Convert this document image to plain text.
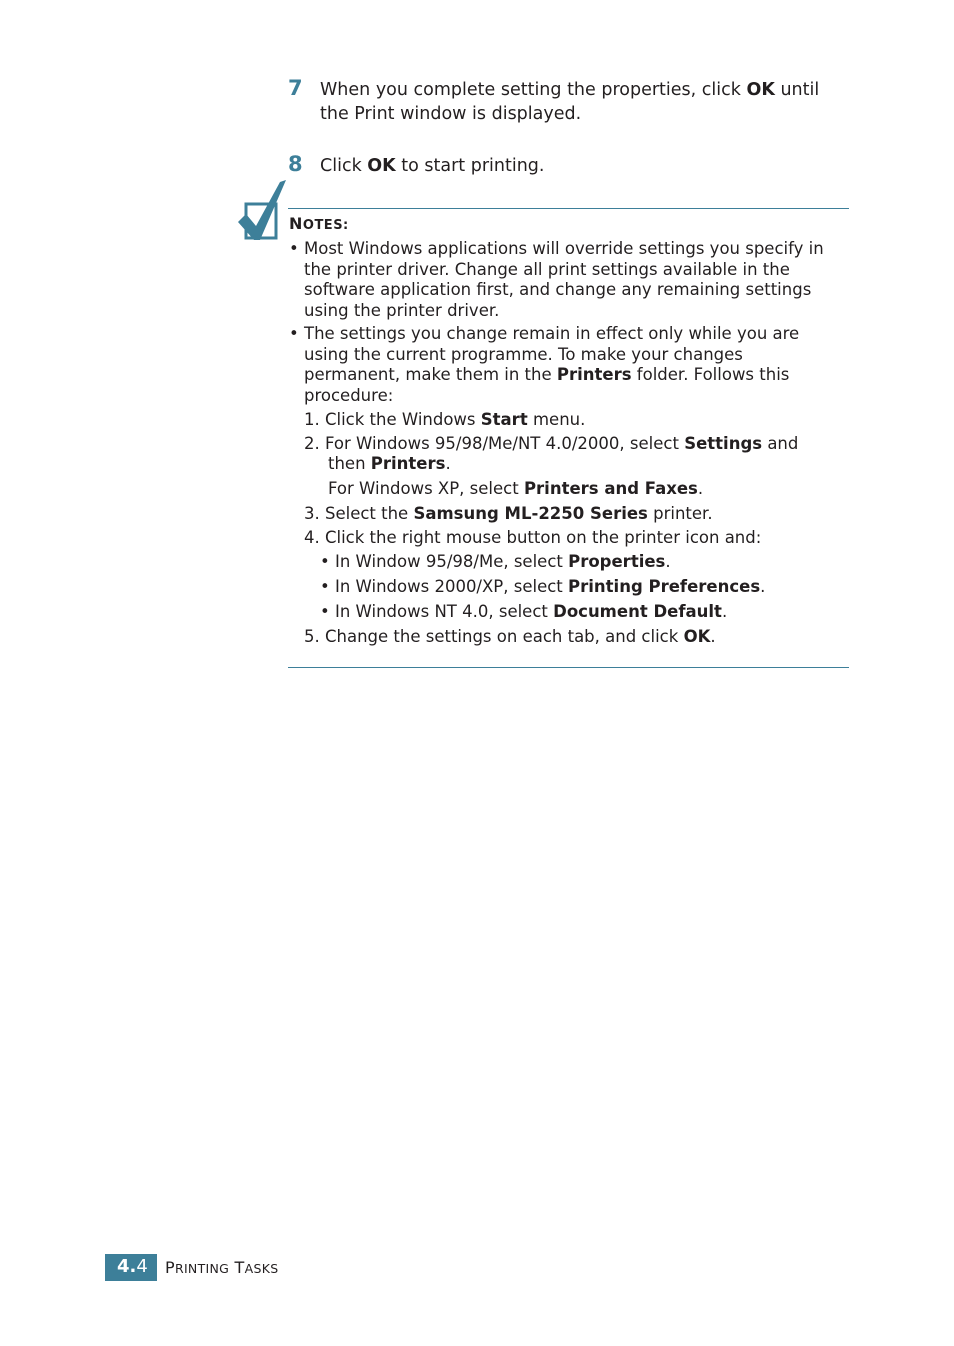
7 When you complete setting the properties, click OK until
the Print window is displayed.
8 Click OK to start printing.
NOTES:
• Most Windows applications will override settings you specify in
the printer driver. Change all print settings available in the
software application first, and change any remaining settings
using the printer driver.
• The settings you change remain in effect only while you are
using the current programme. To make your changes
permanent, make them in the Printers folder. Follows this
procedure:
1. Click the Windows Start menu.
2. For Windows 95/98/Me/NT 4.0/2000, select Settings and
then Printers.
For Windows XP, select Printers and Faxes.
3. Select the Samsung ML-2250 Series printer.
4. Click the right mouse button on the printer icon and:
• In Window 95/98/Me, select Properties.
• In Windows 2000/XP, select Printing Preferences.
• In Windows NT 4.0, select Document Default.
5. Change the settings on each tab, and click OK.
4.4 PRINTING TASKS
